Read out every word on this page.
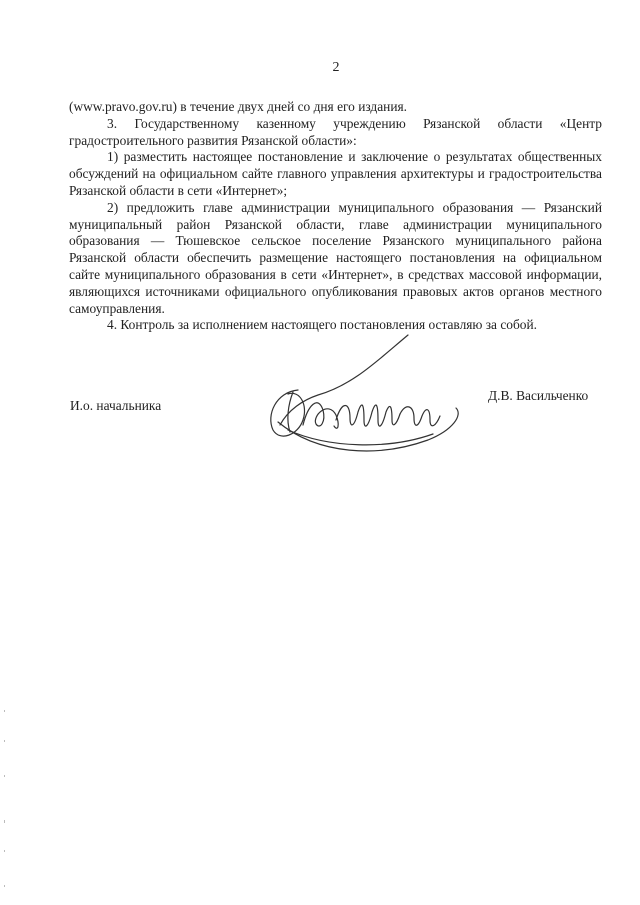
2

(www.pravo.gov.ru) в течение двух дней со дня его издания.

3. Государственному казенному учреждению Рязанской области «Центр градостроительного развития Рязанской области»:

1) разместить настоящее постановление и заключение о результатах общественных обсуждений на официальном сайте главного управления архитектуры и градостроительства Рязанской области в сети «Интернет»;

2) предложить главе администрации муниципального образования — Рязанский муниципальный район Рязанской области, главе администрации муниципального образования — Тюшевское сельское поселение Рязанского муниципального района Рязанской области обеспечить размещение настоящего постановления на официальном сайте муниципального образования в сети «Интернет», в средствах массовой информации, являющихся источниками официального опубликования правовых актов органов местного самоуправления.

4. Контроль за исполнением настоящего постановления оставляю за собой.

И.о. начальника
Д.В. Васильченко
